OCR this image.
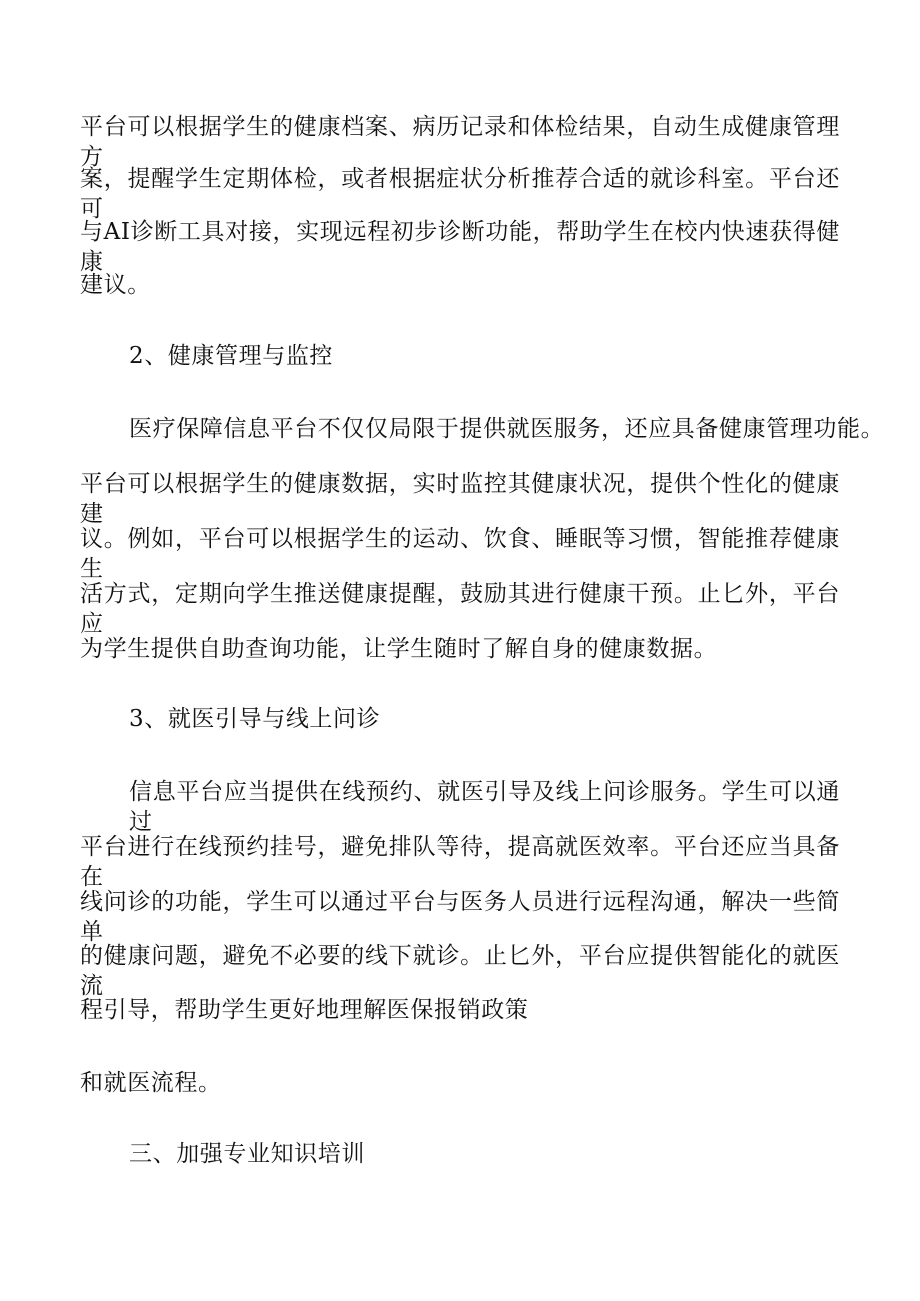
平台可以根据学生的健康档案、病历记录和体检结果，自动生成健康管理方
案，提醒学生定期体检，或者根据症状分析推荐合适的就诊科室。平台还可
与AI诊断工具对接，实现远程初步诊断功能，帮助学生在校内快速获得健康
建议。
2、健康管理与监控
医疗保障信息平台不仅仅局限于提供就医服务，还应具备健康管理功能。
平台可以根据学生的健康数据，实时监控其健康状况，提供个性化的健康建
议。例如，平台可以根据学生的运动、饮食、睡眠等习惯，智能推荐健康生
活方式，定期向学生推送健康提醒，鼓励其进行健康干预。止匕外，平台应
为学生提供自助查询功能，让学生随时了解自身的健康数据。
3、就医引导与线上问诊
信息平台应当提供在线预约、就医引导及线上问诊服务。学生可以通过
平台进行在线预约挂号，避免排队等待，提高就医效率。平台还应当具备在
线问诊的功能，学生可以通过平台与医务人员进行远程沟通，解决一些简单
的健康问题，避免不必要的线下就诊。止匕外，平台应提供智能化的就医流
程引导，帮助学生更好地理解医保报销政策
和就医流程。
三、加强专业知识培训
